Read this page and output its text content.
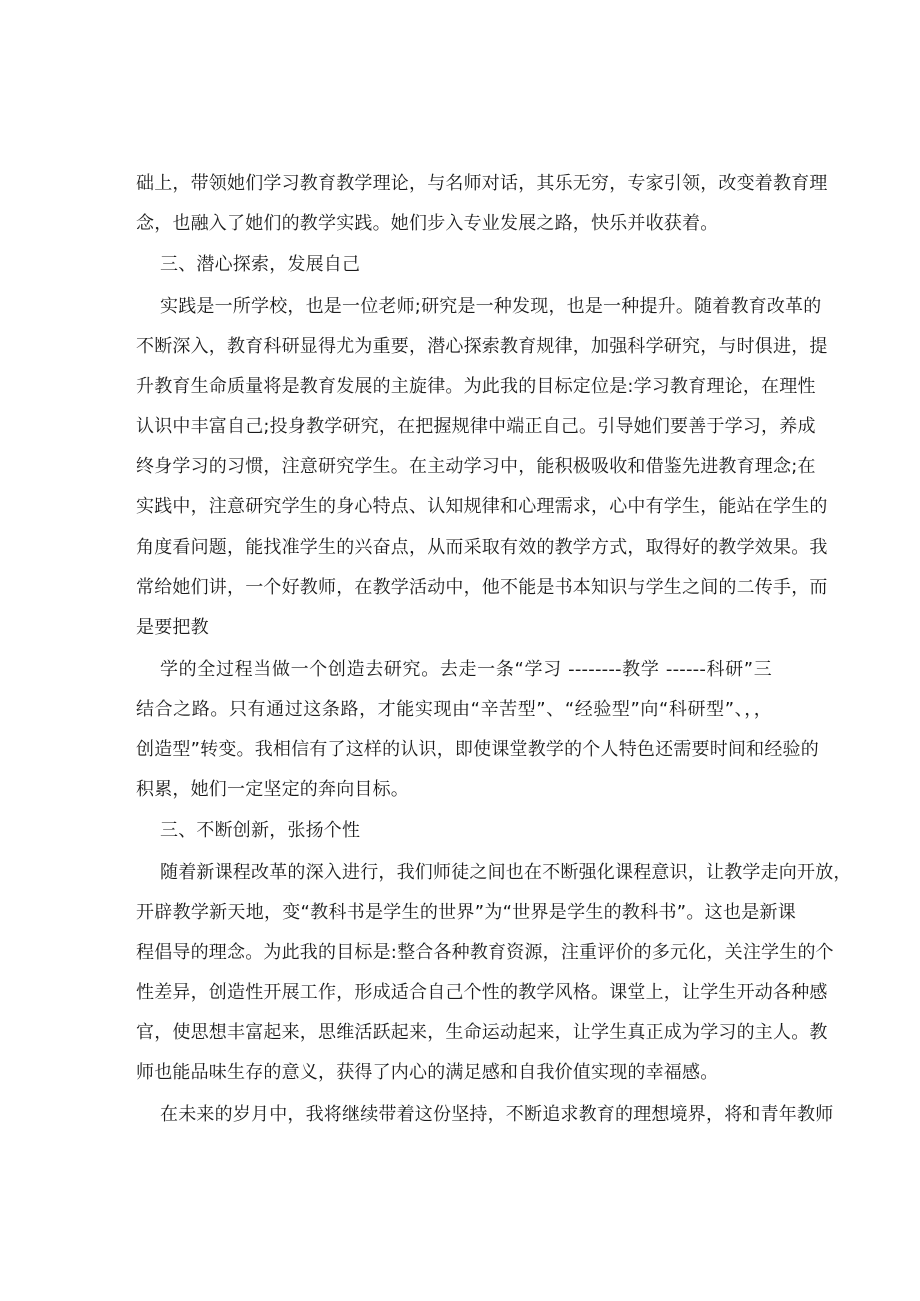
础上，带领她们学习教育教学理论，与名师对话，其乐无穷，专家引领，改变着教育理
念，也融入了她们的教学实践。她们步入专业发展之路，快乐并收获着。
三、潜心探索，发展自己
实践是一所学校，也是一位老师;研究是一种发现，也是一种提升。随着教育改革的
不断深入，教育科研显得尤为重要，潜心探索教育规律，加强科学研究，与时俱进，提
升教育生命质量将是教育发展的主旋律。为此我的目标定位是:学习教育理论，在理性
认识中丰富自己;投身教学研究，在把握规律中端正自己。引导她们要善于学习，养成
终身学习的习惯，注意研究学生。在主动学习中，能积极吸收和借鉴先进教育理念;在
实践中，注意研究学生的身心特点、认知规律和心理需求，心中有学生，能站在学生的
角度看问题，能找准学生的兴奋点，从而采取有效的教学方式，取得好的教学效果。我
常给她们讲，一个好教师，在教学活动中，他不能是书本知识与学生之间的二传手，而
是要把教
学的全过程当做一个创造去研究。去走一条“学习 --------教学 ------科研”三
结合之路。只有通过这条路，才能实现由“辛苦型”、“经验型”向“科研型”、，，
创造型”转变。我相信有了这样的认识，即使课堂教学的个人特色还需要时间和经验的
积累，她们一定坚定的奔向目标。
三、不断创新，张扬个性
随着新课程改革的深入进行，我们师徒之间也在不断强化课程意识，让教学走向开放，
开辟教学新天地，变“教科书是学生的世界”为“世界是学生的教科书”。这也是新课
程倡导的理念。为此我的目标是:整合各种教育资源，注重评价的多元化，关注学生的个
性差异，创造性开展工作，形成适合自己个性的教学风格。课堂上，让学生开动各种感
官，使思想丰富起来，思维活跃起来，生命运动起来，让学生真正成为学习的主人。教
师也能品味生存的意义，获得了内心的满足感和自我价值实现的幸福感。
在未来的岁月中，我将继续带着这份坚持，不断追求教育的理想境界，将和青年教师
